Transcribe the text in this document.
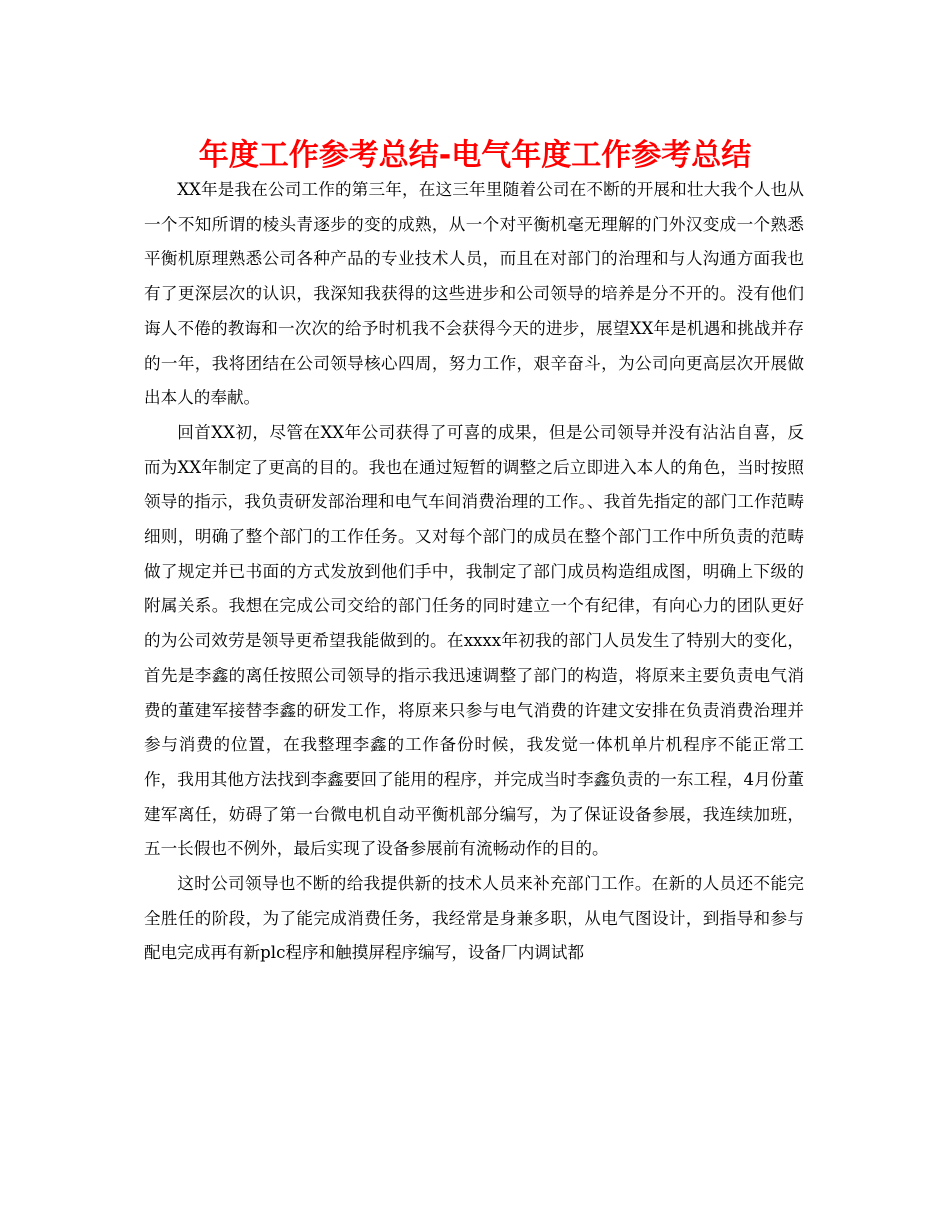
年度工作参考总结-电气年度工作参考总结

XX年是我在公司工作的第三年，在这三年里随着公司在不断的开展和壮大我个人也从一个不知所谓的棱头青逐步的变的成熟，从一个对平衡机毫无理解的门外汉变成一个熟悉平衡机原理熟悉公司各种产品的专业技术人员，而且在对部门的治理和与人沟通方面我也有了更深层次的认识，我深知我获得的这些进步和公司领导的培养是分不开的。没有他们诲人不倦的教诲和一次次的给予时机我不会获得今天的进步，展望XX年是机遇和挑战并存的一年，我将团结在公司领导核心四周，努力工作，艰辛奋斗，为公司向更高层次开展做出本人的奉献。

回首XX初，尽管在XX年公司获得了可喜的成果，但是公司领导并没有沾沾自喜，反而为XX年制定了更高的目的。我也在通过短暂的调整之后立即进入本人的角色，当时按照领导的指示，我负责研发部治理和电气车间消费治理的工作。、我首先指定的部门工作范畴细则，明确了整个部门的工作任务。又对每个部门的成员在整个部门工作中所负责的范畴做了规定并已书面的方式发放到他们手中，我制定了部门成员构造组成图，明确上下级的附属关系。我想在完成公司交给的部门任务的同时建立一个有纪律，有向心力的团队更好的为公司效劳是领导更希望我能做到的。在xxxx年初我的部门人员发生了特别大的变化，首先是李鑫的离任按照公司领导的指示我迅速调整了部门的构造，将原来主要负责电气消费的董建军接替李鑫的研发工作，将原来只参与电气消费的许建文安排在负责消费治理并参与消费的位置，在我整理李鑫的工作备份时候，我发觉一体机单片机程序不能正常工作，我用其他方法找到李鑫要回了能用的程序，并完成当时李鑫负责的一东工程，4月份董建军离任，妨碍了第一台微电机自动平衡机部分编写，为了保证设备参展，我连续加班，五一长假也不例外，最后实现了设备参展前有流畅动作的目的。

这时公司领导也不断的给我提供新的技术人员来补充部门工作。在新的人员还不能完全胜任的阶段，为了能完成消费任务，我经常是身兼多职，从电气图设计，到指导和参与配电完成再有新plc程序和触摸屏程序编写，设备厂内调试都
